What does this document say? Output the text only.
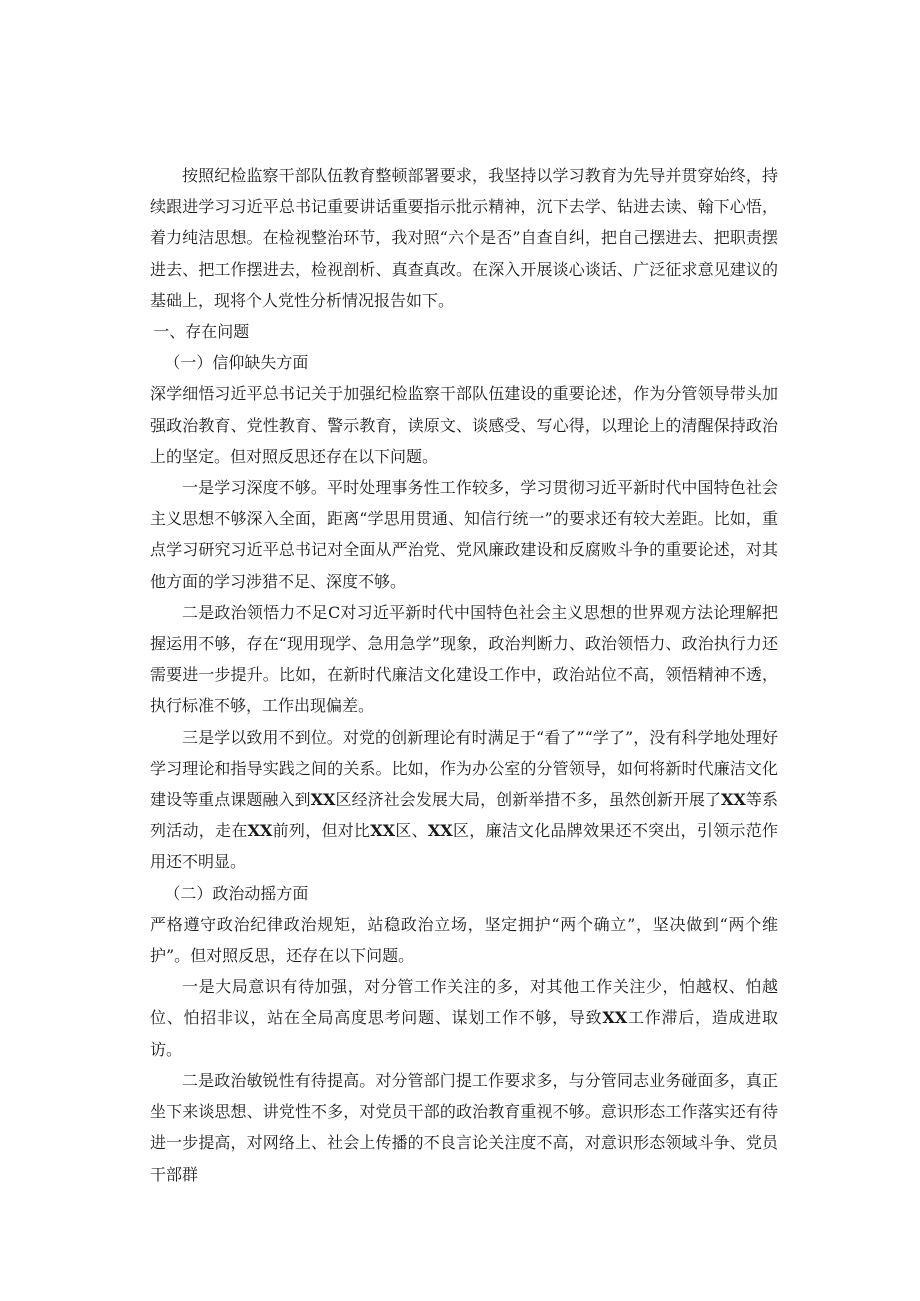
按照纪检监察干部队伍教育整顿部署要求，我坚持以学习教育为先导并贯穿始终，持续跟进学习习近平总书记重要讲话重要指示批示精神，沉下去学、钻进去读、翰下心悟，着力纯洁思想。在检视整治环节，我对照“六个是否”自查自纠，把自己摆进去、把职责摆进去、把工作摆进去，检视剖析、真查真改。在深入开展谈心谈话、广泛征求意见建议的基础上，现将个人党性分析情况报告如下。

一、存在问题

（一）信仰缺失方面

深学细悟习近平总书记关于加强纪检监察干部队伍建设的重要论述，作为分管领导带头加强政治教育、党性教育、警示教育，读原文、谈感受、写心得，以理论上的清醒保持政治上的坚定。但对照反思还存在以下问题。

一是学习深度不够。平时处理事务性工作较多，学习贯彻习近平新时代中国特色社会主义思想不够深入全面，距离“学思用贯通、知信行统一”的要求还有较大差距。比如，重点学习研究习近平总书记对全面从严治党、党风廉政建设和反腐败斗争的重要论述，对其他方面的学习涉猎不足、深度不够。

二是政治领悟力不足C对习近平新时代中国特色社会主义思想的世界观方法论理解把握运用不够，存在“现用现学、急用急学”现象，政治判断力、政治领悟力、政治执行力还需要进一步提升。比如，在新时代廉洁文化建设工作中，政治站位不高，领悟精神不透，执行标准不够，工作出现偏差。

三是学以致用不到位。对党的创新理论有时满足于“看了”“学了”，没有科学地处理好学习理论和指导实践之间的关系。比如，作为办公室的分管领导，如何将新时代廉洁文化建设等重点课题融入到XX区经济社会发展大局，创新举措不多，虽然创新开展了XX等系列活动，走在XX前列，但对比XX区、XX区，廉洁文化品牌效果还不突出，引领示范作用还不明显。

（二）政治动摇方面

严格遵守政治纪律政治规矩，站稳政治立场，坚定拥护“两个确立”，坚决做到“两个维护”。但对照反思，还存在以下问题。

一是大局意识有待加强，对分管工作关注的多，对其他工作关注少，怕越权、怕越位、怕招非议，站在全局高度思考问题、谋划工作不够，导致XX工作滞后，造成进取访。

二是政治敏锐性有待提高。对分管部门提工作要求多，与分管同志业务碰面多，真正坐下来谈思想、讲党性不多，对党员干部的政治教育重视不够。意识形态工作落实还有待进一步提高，对网络上、社会上传播的不良言论关注度不高，对意识形态领域斗争、党员干部群
